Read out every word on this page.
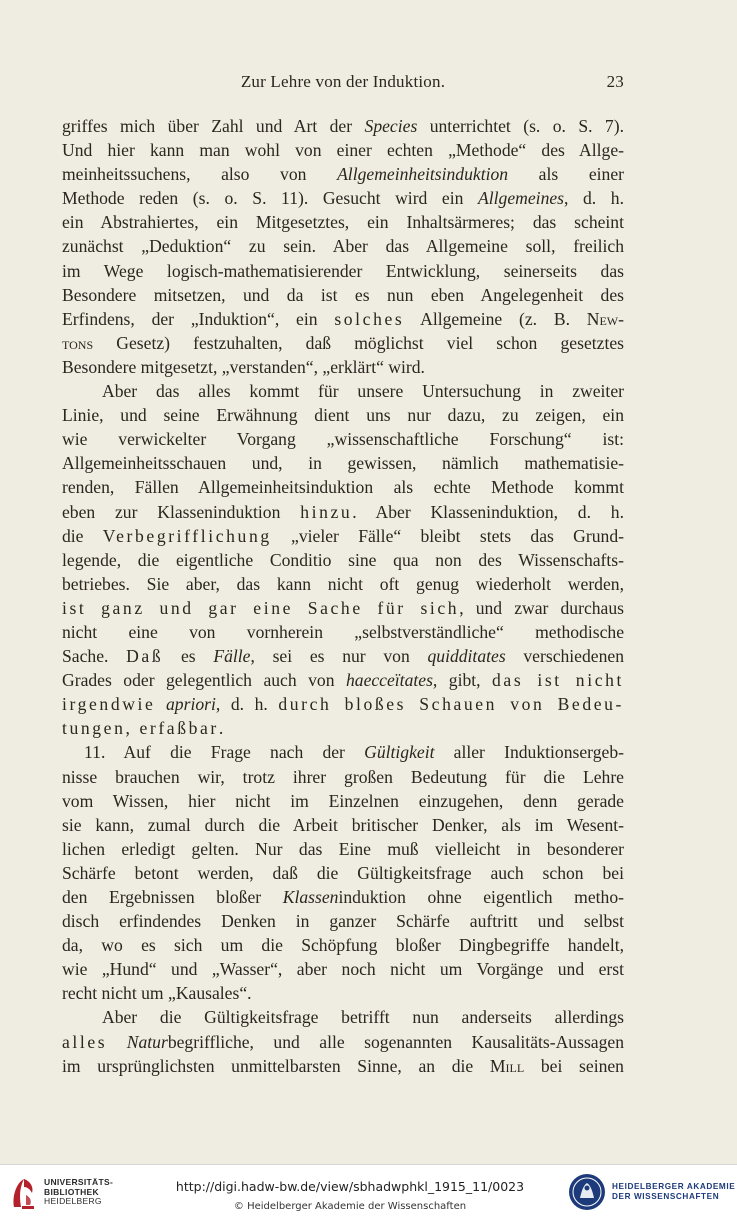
Zur Lehre von der Induktion.	23
griffes mich über Zahl und Art der Species unterrichtet (s. o. S. 7).
Und hier kann man wohl von einer echten „Methode“ des Allge-
meinheitssuchens, also von Allgemeinheitsinduktion als einer
Methode reden (s. o. S. 11). Gesucht wird ein Allgemeines, d. h.
ein Abstrahiertes, ein Mitgesetztes, ein Inhaltsärmeres; das scheint
zunächst „Deduktion“ zu sein. Aber das Allgemeine soll, freilich
im Wege logisch-mathematisierender Entwicklung, seinerseits das
Besondere mitsetzen, und da ist es nun eben Angelegenheit des
Erfindens, der „Induktion“, ein solches Allgemeine (z. B. New-
tons Gesetz) festzuhalten, daß möglichst viel schon gesetztes
Besondere mitgesetzt, „verstanden“, „erklärt“ wird.
Aber das alles kommt für unsere Untersuchung in zweiter
Linie, und seine Erwähnung dient uns nur dazu, zu zeigen, ein
wie verwickelter Vorgang „wissenschaftliche Forschung“ ist:
Allgemeinheitsschauen und, in gewissen, nämlich mathematisie-
renden, Fällen Allgemeinheitsinduktion als echte Methode kommt
eben zur Klasseninduktion hinzu. Aber Klasseninduktion, d. h.
die Verbegrifflichung „vieler Fälle“ bleibt stets das Grund-
legende, die eigentliche Conditio sine qua non des Wissenschafts-
betriebes. Sie aber, das kann nicht oft genug wiederholt werden,
ist ganz und gar eine Sache für sich, und zwar durchaus
nicht eine von vornherein „selbstverständliche“ methodische
Sache. Daß es Fälle, sei es nur von quidditates verschiedenen
Grades oder gelegentlich auch von haecceïtates, gibt, das ist nicht
irgendwie apriori, d. h. durch bloßes Schauen von Bedeu-
tungen, erfaßbar.
11. Auf die Frage nach der Gültigkeit aller Induktionsergeb-
nisse brauchen wir, trotz ihrer großen Bedeutung für die Lehre
vom Wissen, hier nicht im Einzelnen einzugehen, denn gerade
sie kann, zumal durch die Arbeit britischer Denker, als im Wesent-
lichen erledigt gelten. Nur das Eine muß vielleicht in besonderer
Schärfe betont werden, daß die Gültigkeitsfrage auch schon bei
den Ergebnissen bloßer Klasseninduktion ohne eigentlich metho-
disch erfindendes Denken in ganzer Schärfe auftritt und selbst
da, wo es sich um die Schöpfung bloßer Dingbegriffe handelt,
wie „Hund“ und „Wasser“, aber noch nicht um Vorgänge und erst
recht nicht um „Kausales“.
Aber die Gültigkeitsfrage betrifft nun anderseits allerdings
alles Naturbegriffliche, und alle sogenannten Kausalitäts-Aussagen
im ursprünglichsten unmittelbarsten Sinne, an die Mill bei seinen
UNIVERSITÄTS-
BIBLIOTHEK
HEIDELBERG
http://digi.hadw-bw.de/view/sbhadwphkl_1915_11/0023
© Heidelberger Akademie der Wissenschaften
HEIDELBERGER AKADEMIE
DER WISSENSCHAFTEN
